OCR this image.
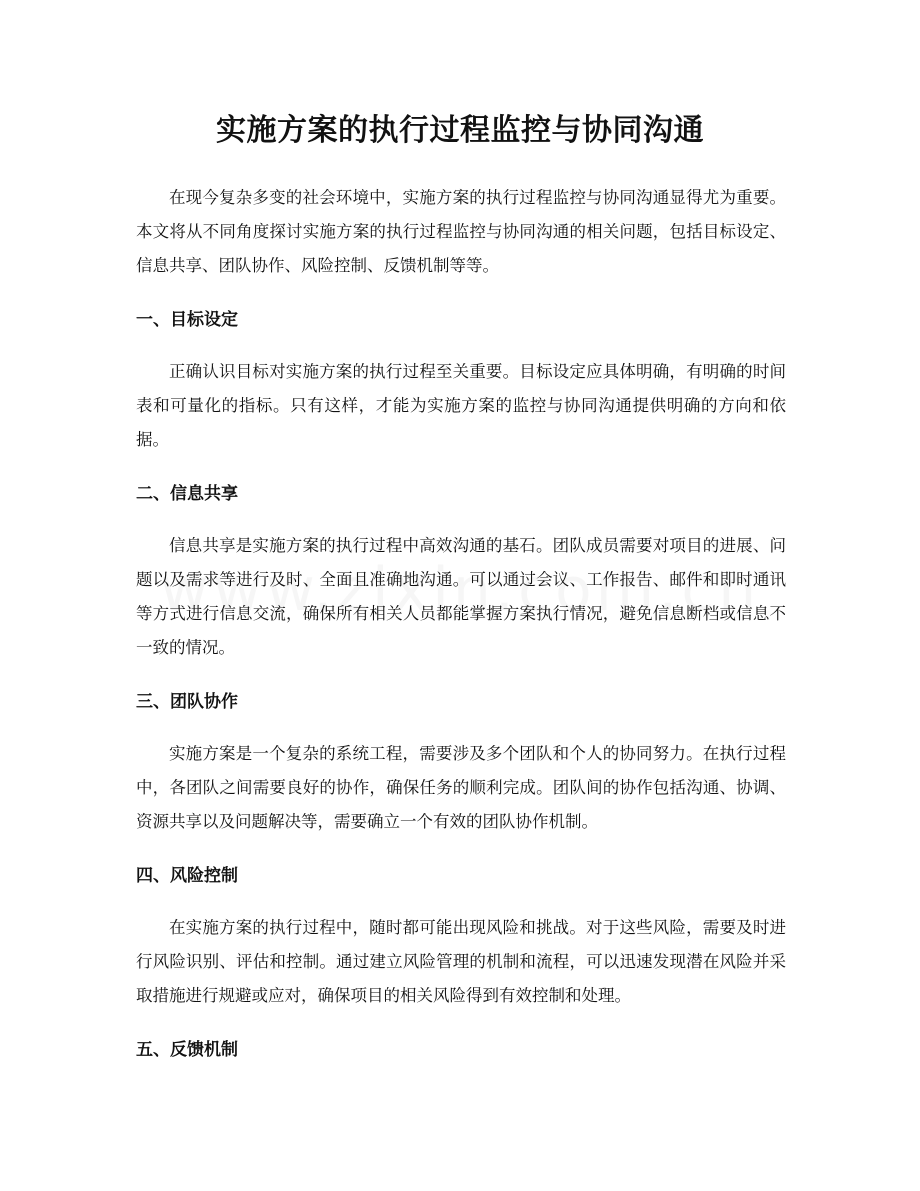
实施方案的执行过程监控与协同沟通

在现今复杂多变的社会环境中，实施方案的执行过程监控与协同沟通显得尤为重要。本文将从不同角度探讨实施方案的执行过程监控与协同沟通的相关问题，包括目标设定、信息共享、团队协作、风险控制、反馈机制等等。

一、目标设定

正确认识目标对实施方案的执行过程至关重要。目标设定应具体明确，有明确的时间表和可量化的指标。只有这样，才能为实施方案的监控与协同沟通提供明确的方向和依据。

二、信息共享

信息共享是实施方案的执行过程中高效沟通的基石。团队成员需要对项目的进展、问题以及需求等进行及时、全面且准确地沟通。可以通过会议、工作报告、邮件和即时通讯等方式进行信息交流，确保所有相关人员都能掌握方案执行情况，避免信息断档或信息不一致的情况。

三、团队协作

实施方案是一个复杂的系统工程，需要涉及多个团队和个人的协同努力。在执行过程中，各团队之间需要良好的协作，确保任务的顺利完成。团队间的协作包括沟通、协调、资源共享以及问题解决等，需要确立一个有效的团队协作机制。

四、风险控制

在实施方案的执行过程中，随时都可能出现风险和挑战。对于这些风险，需要及时进行风险识别、评估和控制。通过建立风险管理的机制和流程，可以迅速发现潜在风险并采取措施进行规避或应对，确保项目的相关风险得到有效控制和处理。

五、反馈机制
